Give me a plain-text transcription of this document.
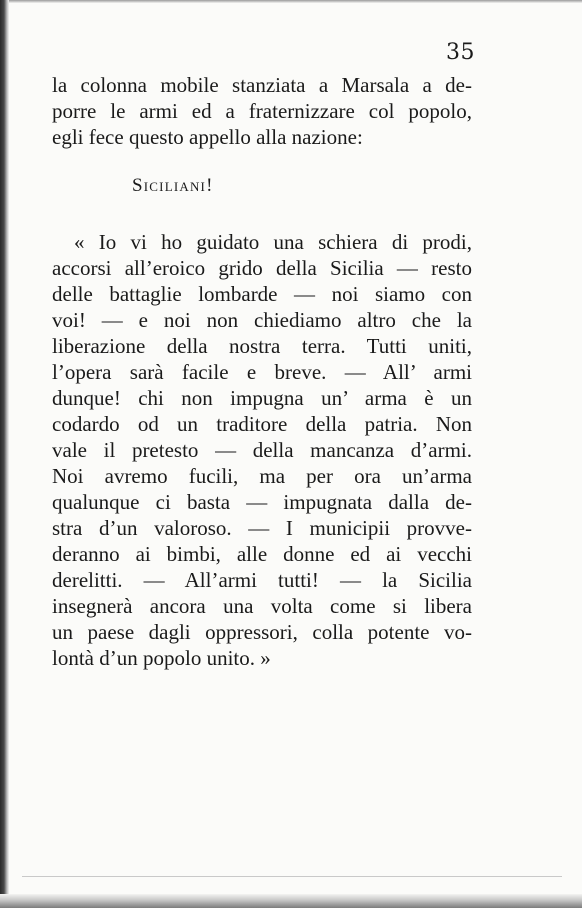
35
la colonna mobile stanziata a Marsala a de-
porre le armi ed a fraternizzare col popolo,
egli fece questo appello alla nazione:
Siciliani!
« Io vi ho guidato una schiera di prodi,
accorsi all’eroico grido della Sicilia — resto
delle battaglie lombarde — noi siamo con
voi! — e noi non chiediamo altro che la
liberazione della nostra terra. Tutti uniti,
l’opera sarà facile e breve. — All’ armi
dunque! chi non impugna un’ arma è un
codardo od un traditore della patria. Non
vale il pretesto — della mancanza d’armi.
Noi avremo fucili, ma per ora un’arma
qualunque ci basta — impugnata dalla de-
stra d’un valoroso. — I municipii provve-
deranno ai bimbi, alle donne ed ai vecchi
derelitti. — All’armi tutti! — la Sicilia
insegnerà ancora una volta come si libera
un paese dagli oppressori, colla potente vo-
lontà d’un popolo unito. »
